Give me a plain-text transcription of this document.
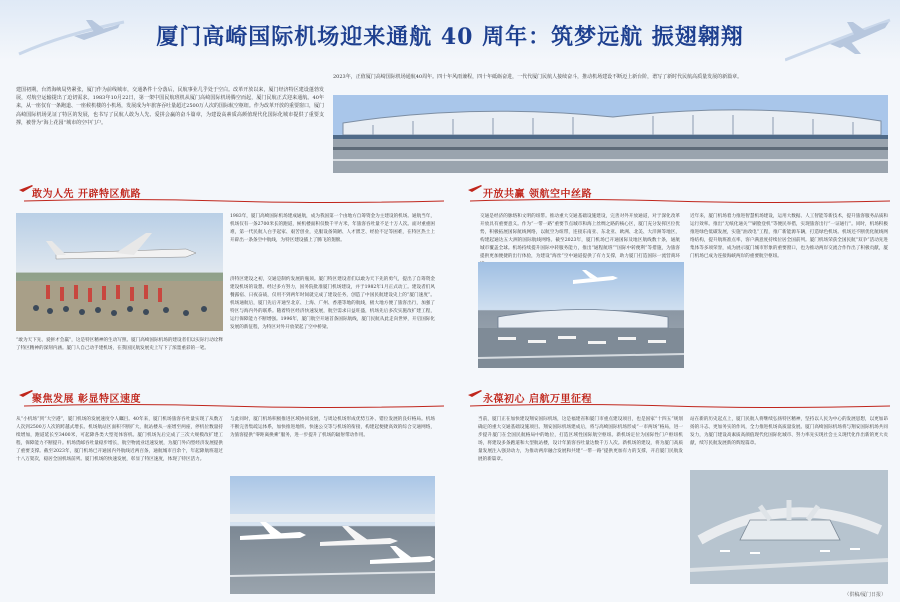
厦门高崎国际机场迎来通航 40 周年：筑梦远航 振翅翱翔
建国初期，台湾海峡局势紧张，厦门作为前线城市，交通条件十分落后，民航事业几乎处于空白。改革开放以来，厦门经济特区建设蓬勃发展，对航空运输提出了迫切需求。1983年10月22日，第一架中国民航班机从厦门高崎国际机场腾空而起，厦门民航正式迎来通航。40年来，从一座仅有一条跑道、一座候机楼的小机场，发展成为年旅客吞吐量超过2500万人次的国际航空枢纽。作为改革开放的重要窗口，厦门高崎国际机场见证了特区的发展，也书写了民航人敢为人先、爱拼会赢的奋斗篇章，为建设高素质高颜值现代化国际化城市提供了重要支撑，被誉为“海上花园”城市的空中门户。
2023年，正值厦门高崎国际机场通航40周年。四十年风雨兼程，四十年砥砺奋进，一代代厦门民航人接续奋斗，推动机场建设不断迈上新台阶，谱写了新时代民航高质量发展的新篇章。
敢为人先 开辟特区航路
“敢为天下先、爱拼才会赢”，这是特区精神的生动写照。厦门高崎国际机场的建设者们以实际行动诠释了特区精神的深刻内涵。厦门人自己动手建机场，在我国民航发展史上写下了浓墨重彩的一笔。
1983年，厦门高崎国际机场建成通航，成为我国第一个由地方自筹资金为主建设的机场。通航当年，机场仅有一条2700米长的跑道，候机楼面积仅数千平方米，年旅客吞吐量不足十万人次。面对重重困难，第一代民航人白手起家、艰苦创业，克服设备简陋、人才匮乏、经验不足等困难，在特区热土上开辟出一条条空中航线，为特区建设插上了腾飞的翅膀。
济特区建设之初，交通是制约发展的瓶颈。厦门特区建设者们以敢为天下先的勇气，提出了自筹资金建设机场的设想。经过多方努力，国务院批准厦门机场建设，并于1982年1月正式动工。建设者们风餐露宿、日夜奋战，仅用不到两年时间就完成了建设任务，创造了中国民航建设史上的“厦门速度”。机场通航后，厦门先后开通至北京、上海、广州、香港等地的航线，极大地方便了旅客出行，加强了特区与海内外的联系。随着特区经济快速发展，航空需求日益旺盛，机场先后多次实施改扩建工程，运行保障能力不断增强。1996年，厦门航空开通首条国际航线，厦门民航从此走向世界，开启国际化发展的新征程，为特区对外开放架起了空中桥梁。
开放共赢 领航空中丝路
交通是经济的脉络和文明的纽带。推动重大交通基础设施建设，完善对外开放通道，对于深化改革开放具有重要意义。作为“一带一路”重要节点城市和海上丝绸之路的核心区，厦门充分发挥区位优势，积极拓展国际航线网络，以航空为纽带，连接东南亚、东北亚、欧洲、北美、大洋洲等地区，构建起通达五大洲的国际航线网络。截至2023年，厦门机场已开通国际及地区航线数十条，通航城市覆盖全球。机场持续提升国际中转服务能力，推出“通程航班”“国际中转便利”等措施，为旅客提供更加便捷的出行体验，为建设“海丝”空中通道提供了有力支撑，助力厦门打造国际一流营商环
近年来，厦门机场着力推进智慧机场建设，运用大数据、人工智能等新技术，提升旅客服务品质和运行效率。推出“无纸化通关”“刷脸登机”等便民举措，实现旅客出行“一证通行”。同时，机场积极推进绿色低碳发展，实施“油改电”工程，推广新能源车辆，打造绿色机场。机场还不断优化航线网络结构，提升航班准点率，客户满意度持续位居全国前列。厦门机场荣获全国民航“双争”活动先进集体等多项荣誉，成为展示厦门城市形象的重要窗口，也为推动两岸交流合作作出了积极贡献，厦门机场已成为连接海峡两岸的重要航空枢纽。
聚焦发展 彰显特区速度
从“小机场”到“大空港”，厦门机场的发展速度令人瞩目。40年来，厦门机场旅客吞吐量实现了从数万人次到2500万人次的跨越式增长。机场航站区面积不断扩大，航站楼从一座增至两座，停机位数量持续增加，跑道延长至3400米，可起降各类大型宽体客机。厦门机场先后完成了三次大规模改扩建工程，保障能力不断提升。机场货邮吞吐量稳步增长，航空物流业迅速发展，为厦门外向型经济发展提供了重要支撑。截至2023年，厦门机场已开通国内外航线近两百条，通航城市百余个，年起降航班超过十八万架次，稳居全国机场前列。厦门机场的快速发展，彰显了特区速度，体现了特区活力。
与此同时，厦门机场积极推进区域协同发展，与周边机场形成优势互补、错位发展的良好格局。机场不断完善集疏运体系，加快推进地铁、快速公交等与机场的衔接，构建起便捷高效的综合交通网络，为旅客提供“零距离换乘”服务，进一步提升了机场的辐射带动作用。
永葆初心 启航万里征程
当前，厦门正在加快建设翔安国际机场，这是福建省和厦门市重点建设项目，也是国家“十四五”规划确定的重大交通基础设施项目。翔安国际机场建成后，将与高崎国际机场形成“一市两场”格局，进一步提升厦门在全国民航格局中的地位，打造区域性国际航空枢纽。新机场定位为国际性门户枢纽机场，将建设多条跑道和大型航站楼，设计年旅客吞吐量达数千万人次。新机场的建设，将为厦门高质量发展注入强劲动力，为推动两岸融合发展和共建“一带一路”提供更加有力的支撑，开启厦门民航发展的新篇章。
站在新的历史起点上，厦门民航人将继续弘扬特区精神，坚持以人民为中心的发展思想，以更加昂扬的斗志、更加务实的作风，全力推进机场高质量发展。厦门高崎国际机场将与翔安国际机场共同发力，为厦门建设高素质高颜值现代化国际化城市、努力率先实现社会主义现代化作出新的更大贡献，续写民航发展新的辉煌篇章。
（供稿/厦门日报）
